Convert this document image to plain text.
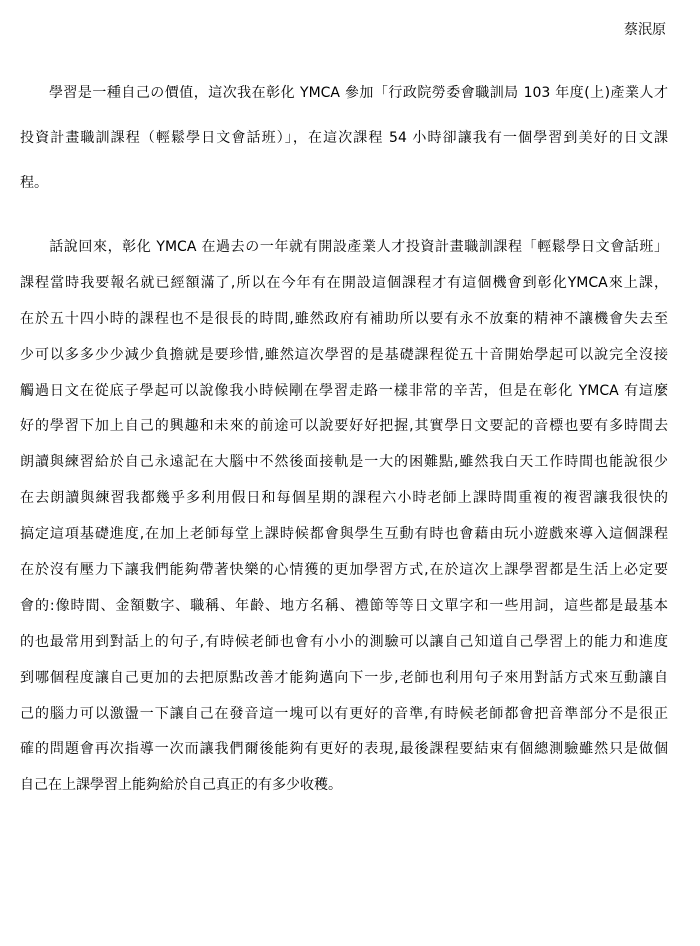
蔡泯原

　　學習是一種自己の價值，這次我在彰化 YMCA 參加「行政院勞委會職訓局 103 年度(上)產業人才
投資計畫職訓課程（輕鬆學日文會話班）」，在這次課程 54 小時卻讓我有一個學習到美好的日文課
程。

　　話說回來，彰化 YMCA 在過去の一年就有開設產業人才投資計畫職訓課程「輕鬆學日文會話班」
課程當時我要報名就已經額滿了,所以在今年有在開設這個課程才有這個機會到彰化YMCA來上課，
在於五十四小時的課程也不是很長的時間,雖然政府有補助所以要有永不放棄的精神不讓機會失去至
少可以多多少少減少負擔就是要珍惜,雖然這次學習的是基礎課程從五十音開始學起可以說完全沒接
觸過日文在從底子學起可以說像我小時候剛在學習走路一樣非常的辛苦，但是在彰化 YMCA 有這麼
好的學習下加上自己的興趣和未來的前途可以說要好好把握,其實學日文要記的音標也要有多時間去
朗讀與練習給於自己永遠記在大腦中不然後面接軌是一大的困難點,雖然我白天工作時間也能說很少
在去朗讀與練習我都幾乎多利用假日和每個星期的課程六小時老師上課時間重複的複習讓我很快的
搞定這項基礎進度,在加上老師每堂上課時候都會與學生互動有時也會藉由玩小遊戲來導入這個課程
在於沒有壓力下讓我們能夠帶著快樂的心情獲的更加學習方式,在於這次上課學習都是生活上必定要
會的:像時間、金額數字、職稱、年齡、地方名稱、禮節等等日文單字和一些用詞，這些都是最基本
的也最常用到對話上的句子,有時候老師也會有小小的測驗可以讓自己知道自己學習上的能力和進度
到哪個程度讓自己更加的去把原點改善才能夠邁向下一步,老師也利用句子來用對話方式來互動讓自
己的腦力可以激盪一下讓自己在發音這一塊可以有更好的音準,有時候老師都會把音準部分不是很正
確的問題會再次指導一次而讓我們爾後能夠有更好的表現,最後課程要結束有個總測驗雖然只是做個
自己在上課學習上能夠給於自己真正的有多少收穫。
